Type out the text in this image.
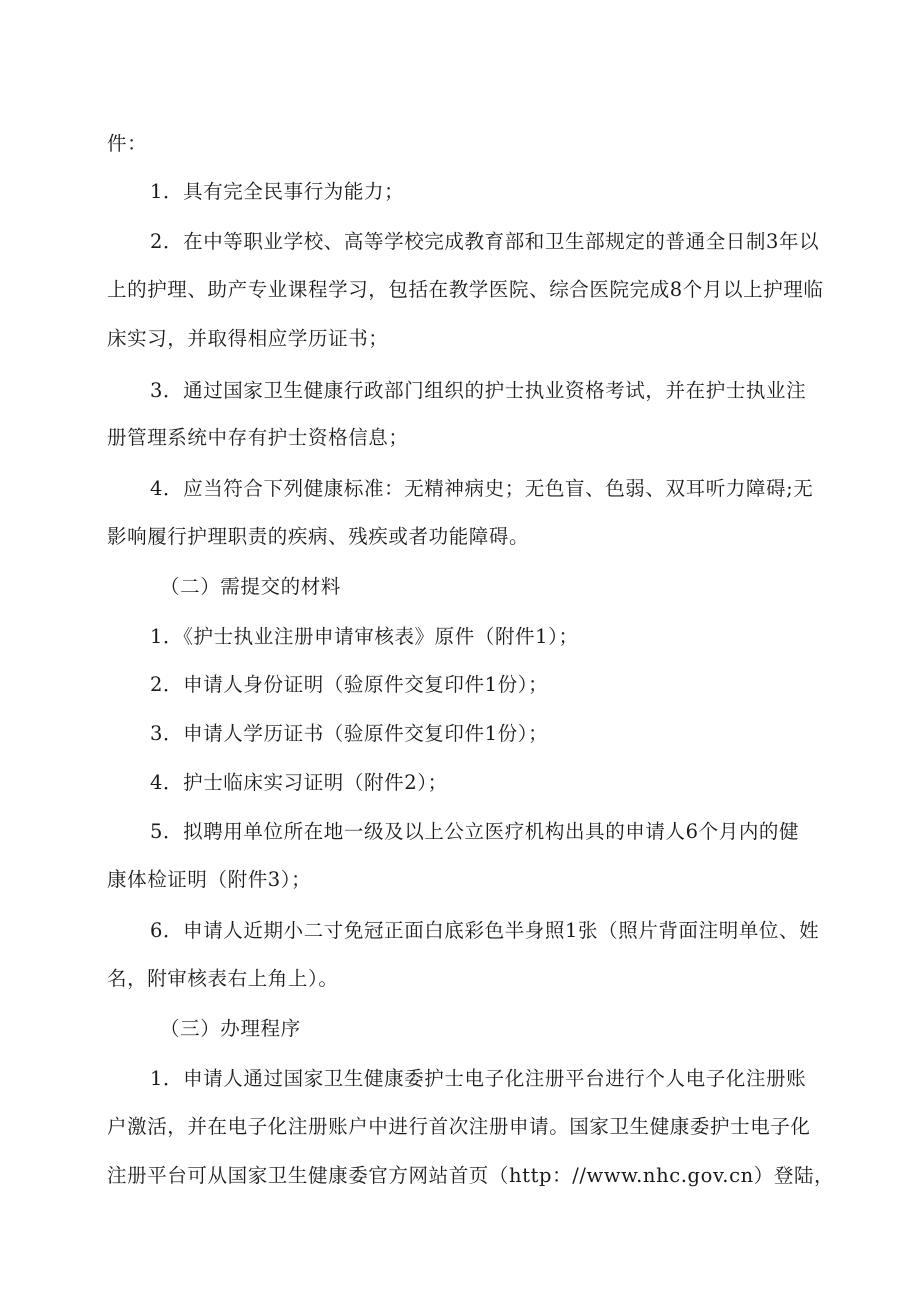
件：
1．具有完全民事行为能力；
2．在中等职业学校、高等学校完成教育部和卫生部规定的普通全日制3年以
上的护理、助产专业课程学习，包括在教学医院、综合医院完成8个月以上护理临
床实习，并取得相应学历证书；
3．通过国家卫生健康行政部门组织的护士执业资格考试，并在护士执业注
册管理系统中存有护士资格信息；
4．应当符合下列健康标准：无精神病史；无色盲、色弱、双耳听力障碍;无
影响履行护理职责的疾病、残疾或者功能障碍。
（二）需提交的材料
1．《护士执业注册申请审核表》原件（附件1）；
2．申请人身份证明（验原件交复印件1份）；
3．申请人学历证书（验原件交复印件1份）；
4．护士临床实习证明（附件2）；
5．拟聘用单位所在地一级及以上公立医疗机构出具的申请人6个月内的健
康体检证明（附件3）；
6．申请人近期小二寸免冠正面白底彩色半身照1张（照片背面注明单位、姓
名，附审核表右上角上）。
（三）办理程序
1．申请人通过国家卫生健康委护士电子化注册平台进行个人电子化注册账
户激活，并在电子化注册账户中进行首次注册申请。国家卫生健康委护士电子化
注册平台可从国家卫生健康委官方网站首页（http：//www.nhc.gov.cn）登陆，
